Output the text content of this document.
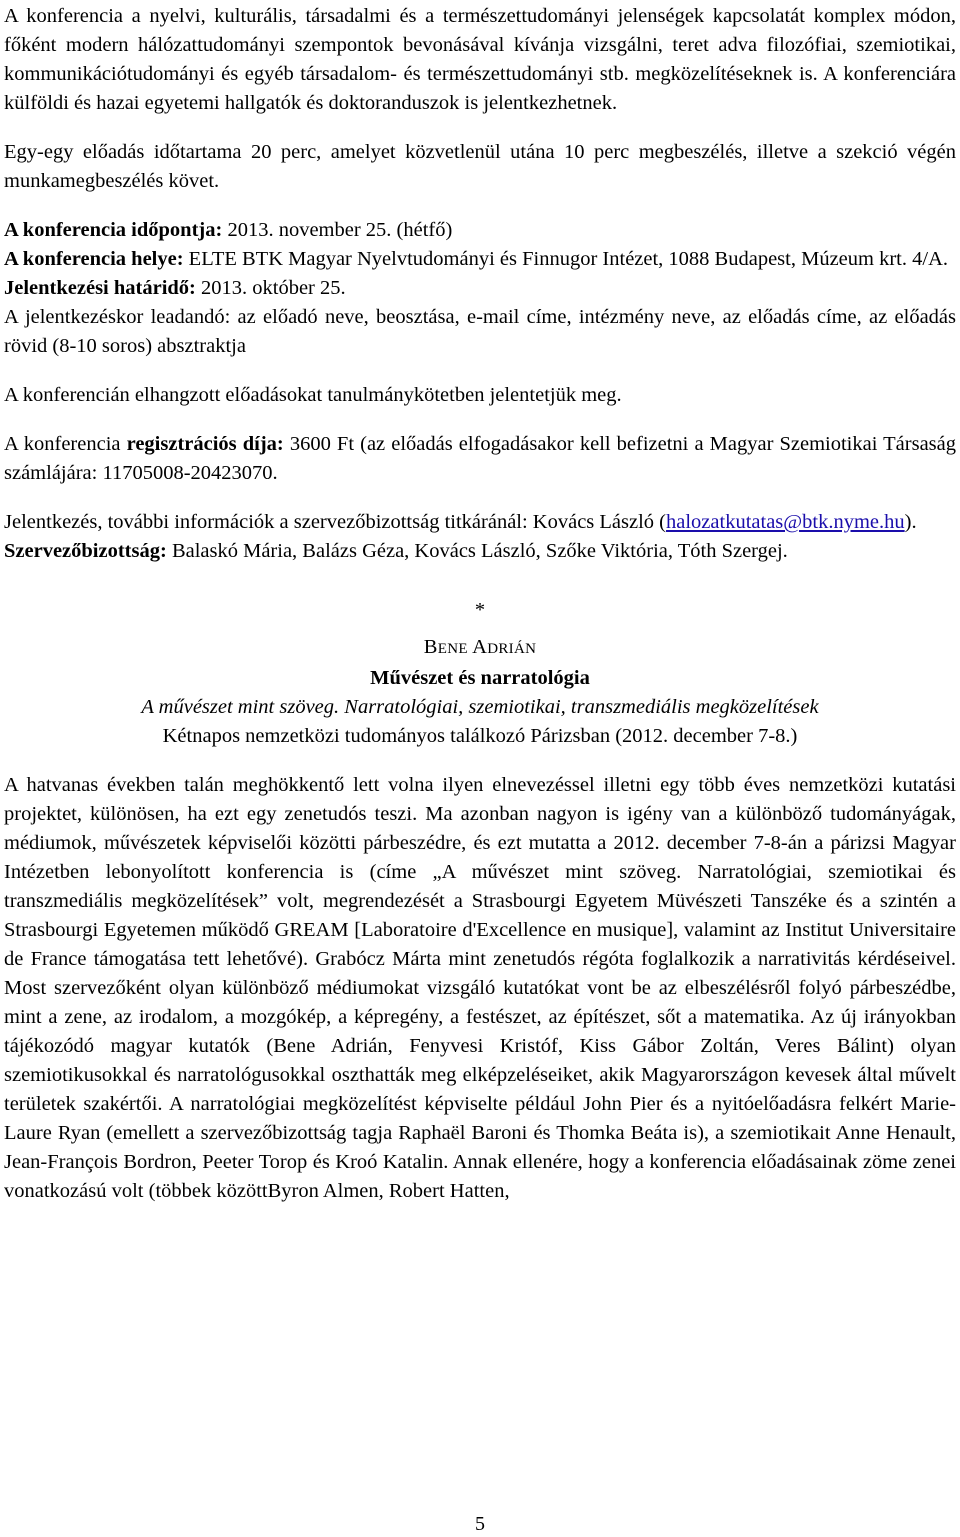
A konferencia a nyelvi, kulturális, társadalmi és a természettudományi jelenségek kapcsolatát komplex módon, főként modern hálózattudományi szempontok bevonásával kívánja vizsgálni, teret adva filozófiai, szemiotikai, kommunikációtudományi és egyéb társadalom- és természettudományi stb. megközelítéseknek is. A konferenciára külföldi és hazai egyetemi hallgatók és doktoranduszok is jelentkezhetnek.

Egy-egy előadás időtartama 20 perc, amelyet közvetlenül utána 10 perc megbeszélés, illetve a szekció végén munkamegbeszélés követ.

A konferencia időpontja: 2013. november 25. (hétfő)

A konferencia helye: ELTE BTK Magyar Nyelvtudományi és Finnugor Intézet, 1088 Budapest, Múzeum krt. 4/A.

Jelentkezési határidő: 2013. október 25.

A jelentkezéskor leadandó: az előadó neve, beosztása, e-mail címe, intézmény neve, az előadás címe, az előadás rövid (8-10 soros) absztraktja

A konferencián elhangzott előadásokat tanulmánykötetben jelentetjük meg.

A konferencia regisztrációs díja: 3600 Ft (az előadás elfogadásakor kell befizetni a Magyar Szemiotikai Társaság számlájára: 11705008-20423070.

Jelentkezés, további információk a szervezőbizottság titkáránál: Kovács László (halozatkutatas@btk.nyme.hu).

Szervezőbizottság: Balaskó Mária, Balázs Géza, Kovács László, Szőke Viktória, Tóth Szergej.

*

BENE ADRIÁN

Művészet és narratológia

A művészet mint szöveg. Narratológiai, szemiotikai, transzmediális megközelítések

Kétnapos nemzetközi tudományos találkozó Párizsban (2012. december 7-8.)

A hatvanas években talán meghökkentő lett volna ilyen elnevezéssel illetni egy több éves nemzetközi kutatási projektet, különösen, ha ezt egy zenetudós teszi. Ma azonban nagyon is igény van a különböző tudományágak, médiumok, művészetek képviselői közötti párbeszédre, és ezt mutatta a 2012. december 7-8-án a párizsi Magyar Intézetben lebonyolított konferencia is (címe „A művészet mint szöveg. Narratológiai, szemiotikai és transzmediális megközelítések” volt, megrendezését a Strasbourgi Egyetem Müvészeti Tanszéke és a szintén a Strasbourgi Egyetemen működő GREAM [Laboratoire d'Excellence en musique], valamint az Institut Universitaire de France támogatása tett lehetővé). Grabócz Márta mint zenetudós régóta foglalkozik a narrativitás kérdéseivel. Most szervezőként olyan különböző médiumokat vizsgáló kutatókat vont be az elbeszélésről folyó párbeszédbe, mint a zene, az irodalom, a mozgókép, a képregény, a festészet, az építészet, sőt a matematika. Az új irányokban tájékozódó magyar kutatók (Bene Adrián, Fenyvesi Kristóf, Kiss Gábor Zoltán, Veres Bálint) olyan szemiotikusokkal és narratológusokkal oszthatták meg elképzeléseiket, akik Magyarországon kevesek által művelt területek szakértői. A narratológiai megközelítést képviselte például John Pier és a nyitóelőadásra felkért Marie-Laure Ryan (emellett a szervezőbizottság tagja Raphaël Baroni és Thomka Beáta is), a szemiotikait Anne Henault, Jean-François Bordron, Peeter Torop és Kroó Katalin. Annak ellenére, hogy a konferencia előadásainak zöme zenei vonatkozású volt (többek közöttByron Almen, Robert Hatten,

5
